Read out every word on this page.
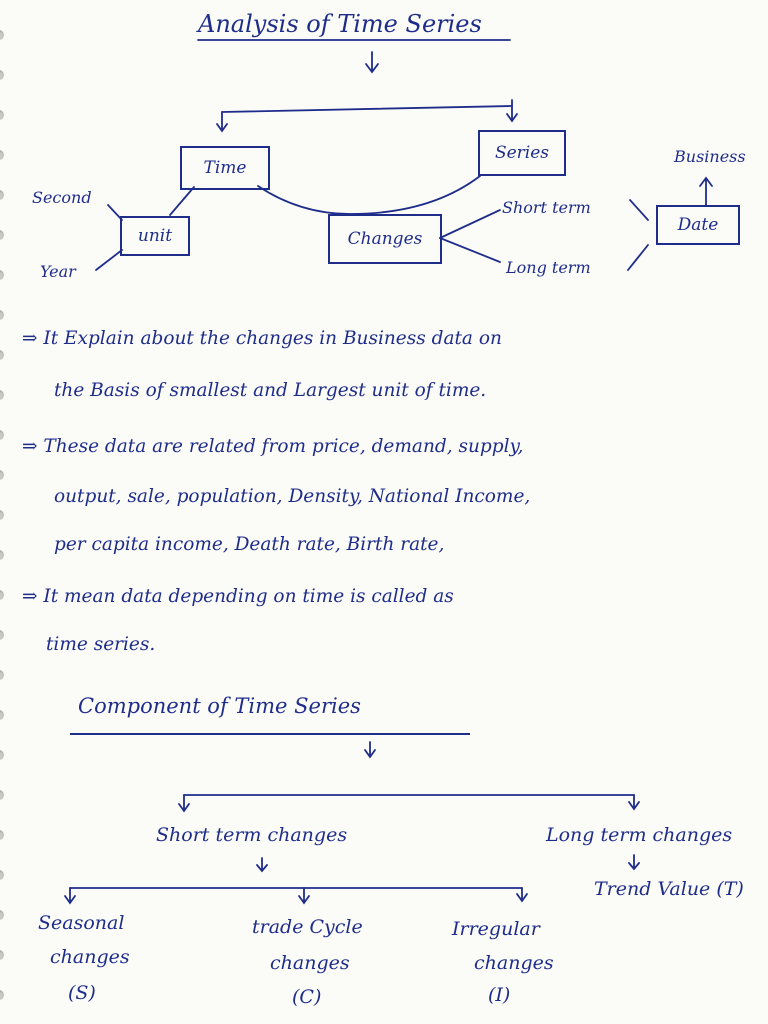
Analysis of Time Series
Time
Series
unit	Changes
Date
Second
Year
Short term
Long term
Business
⇒ It Explain about the changes in Business data on
the Basis of smallest and Largest unit of time.
⇒ These data are related from price, demand, supply,
output, sale, population, Density, National Income,
per capita income, Death rate, Birth rate,
⇒ It mean data depending on time is called as
time series.
Component of Time Series
Short term changes	Long term changes
Trend Value (T)
Seasonal
changes
(S)
trade Cycle
changes
(C)
Irregular
changes
(I)
